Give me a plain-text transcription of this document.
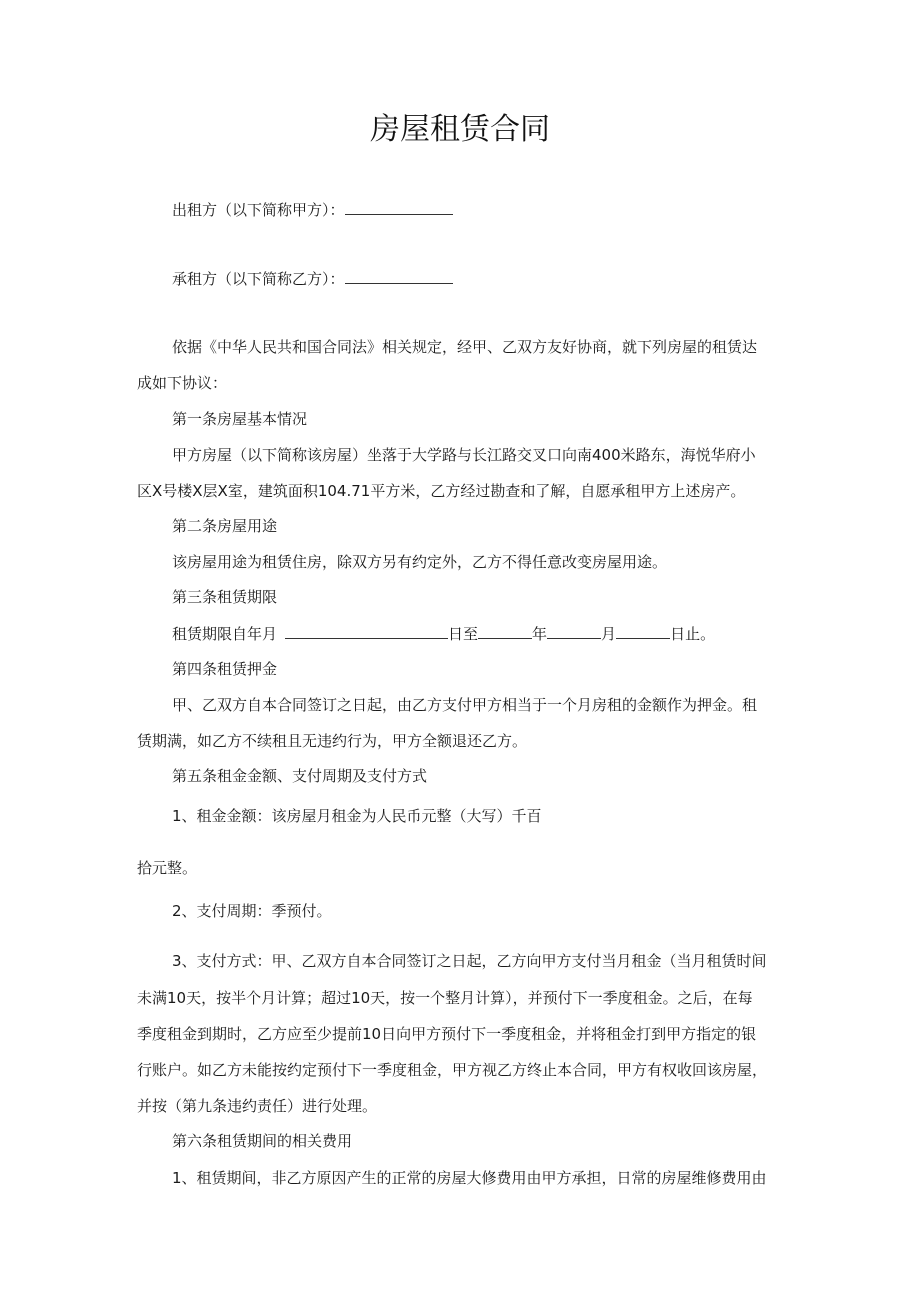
房屋租赁合同
出租方（以下简称甲方）：
承租方（以下简称乙方）：
依据《中华人民共和国合同法》相关规定，经甲、乙双方友好协商，就下列房屋的租赁达
成如下协议：
第一条房屋基本情况
甲方房屋（以下简称该房屋）坐落于大学路与长江路交叉口向南400米路东，海悦华府小
区X号楼X层X室，建筑面积104.71平方米，乙方经过勘查和了解，自愿承租甲方上述房产。
第二条房屋用途
该房屋用途为租赁住房，除双方另有约定外，乙方不得任意改变房屋用途。
第三条租赁期限
租赁期限自年月	日至	年	月	日止。
第四条租赁押金
甲、乙双方自本合同签订之日起，由乙方支付甲方相当于一个月房租的金额作为押金。租
赁期满，如乙方不续租且无违约行为，甲方全额退还乙方。
第五条租金金额、支付周期及支付方式
1、租金金额：该房屋月租金为人民币元整（大写）千百
拾元整。
2、支付周期：季预付。
3、支付方式：甲、乙双方自本合同签订之日起，乙方向甲方支付当月租金（当月租赁时间
未满10天，按半个月计算；超过10天，按一个整月计算），并预付下一季度租金。之后，在每
季度租金到期时，乙方应至少提前10日向甲方预付下一季度租金，并将租金打到甲方指定的银
行账户。如乙方未能按约定预付下一季度租金，甲方视乙方终止本合同，甲方有权收回该房屋，
并按（第九条违约责任）进行处理。
第六条租赁期间的相关费用
1、租赁期间，非乙方原因产生的正常的房屋大修费用由甲方承担，日常的房屋维修费用由
